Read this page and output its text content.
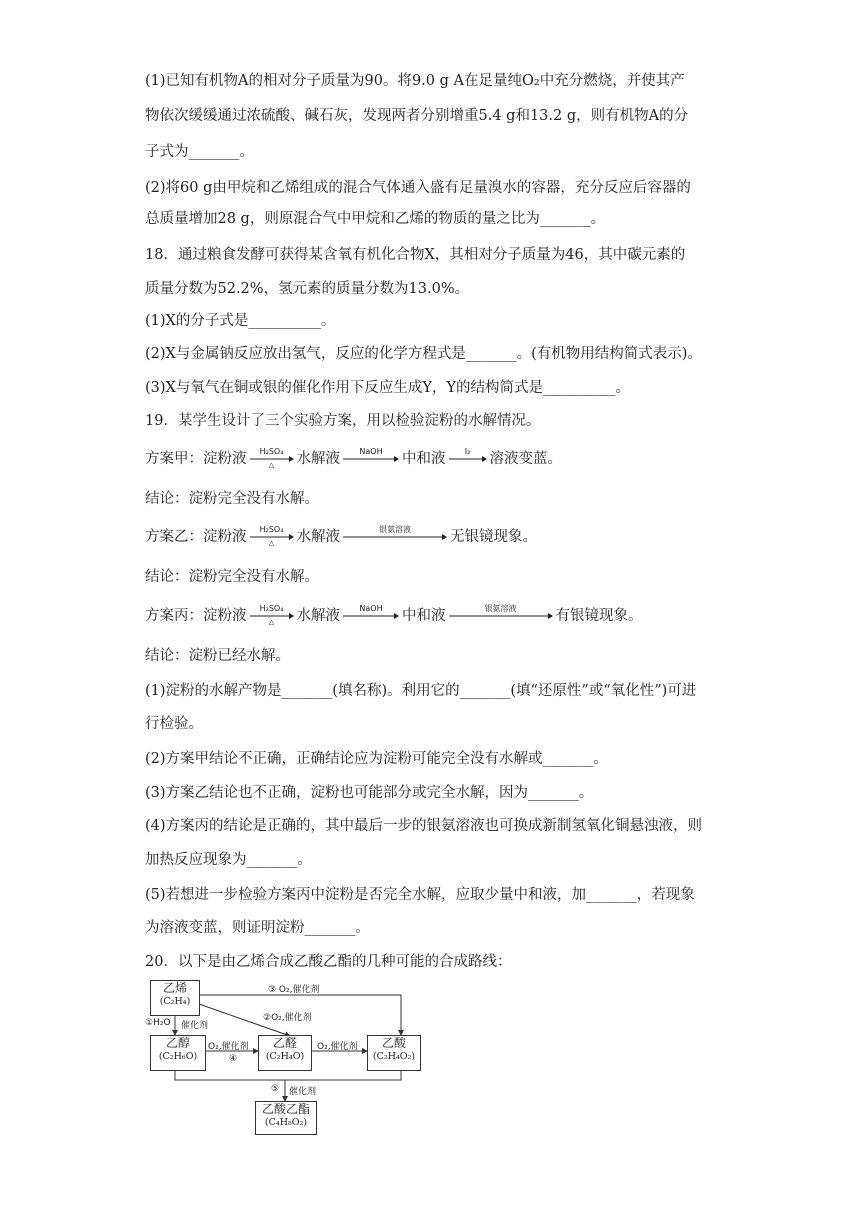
(1)已知有机物A的相对分子质量为90。将9.0 g A在足量纯O₂中充分燃烧，并使其产
物依次缓缓通过浓硫酸、碱石灰，发现两者分别增重5.4 g和13.2 g，则有机物A的分
子式为_______。
(2)将60 g由甲烷和乙烯组成的混合气体通入盛有足量溴水的容器，充分反应后容器的
总质量增加28 g，则原混合气中甲烷和乙烯的物质的量之比为_______。
18．通过粮食发酵可获得某含氧有机化合物X，其相对分子质量为46，其中碳元素的
质量分数为52.2%，氢元素的质量分数为13.0%。
(1)X的分子式是__________。
(2)X与金属钠反应放出氢气，反应的化学方程式是_______。(有机物用结构简式表示)。
(3)X与氧气在铜或银的催化作用下反应生成Y，Y的结构简式是__________。
19．某学生设计了三个实验方案，用以检验淀粉的水解情况。
方案甲：淀粉液 H₂SO₄
△ 水解液 NaOH 中和液 I₂ 溶液变蓝。
结论：淀粉完全没有水解。
方案乙：淀粉液 H₂SO₄
△ 水解液	银氨溶液	无银镜现象。
结论：淀粉完全没有水解。
方案丙：淀粉液 H₂SO₄
△ 水解液 NaOH 中和液	银氨溶液	有银镜现象。
结论：淀粉已经水解。
(1)淀粉的水解产物是_______(填名称)。利用它的_______(填“还原性”或“氧化性”)可进
行检验。
(2)方案甲结论不正确，正确结论应为淀粉可能完全没有水解或_______。
(3)方案乙结论也不正确，淀粉也可能部分或完全水解，因为_______。
(4)方案丙的结论是正确的，其中最后一步的银氨溶液也可换成新制氢氧化铜悬浊液，则
加热反应现象为_______。
(5)若想进一步检验方案丙中淀粉是否完全水解，应取少量中和液，加_______，若现象
为溶液变蓝，则证明淀粉_______。
20．以下是由乙烯合成乙酸乙酯的几种可能的合成路线：
乙烯
(C₂H₄)
乙醇
(C₂H₆O)
乙醛
(C₂H₄O)
乙酸
(C₂H₄O₂)
乙酸乙酯
(C₄H₈O₂)
③ O₂,催化剂
②O₂,催化剂
①H₂O 催化剂
O₂,催化剂
④
O₂,催化剂
⑤ 催化剂
